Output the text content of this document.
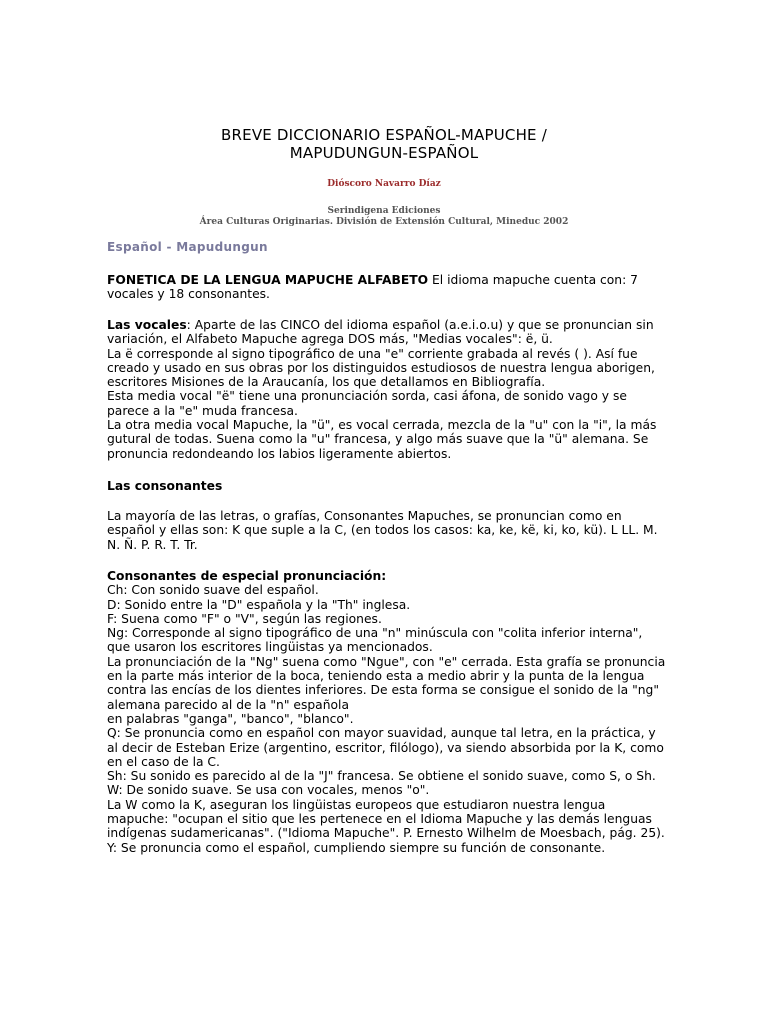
BREVE DICCIONARIO ESPAÑOL-MAPUCHE /
MAPUDUNGUN-ESPAÑOL
Dióscoro Navarro Díaz
Serindigena Ediciones
Área Culturas Originarias. División de Extensión Cultural, Mineduc 2002
Español - Mapudungun

FONETICA DE LA LENGUA MAPUCHE ALFABETO El idioma mapuche cuenta con: 7 vocales y 18 consonantes.

Las vocales: Aparte de las CINCO del idioma español (a.e.i.o.u) y que se pronuncian sin variación, el Alfabeto Mapuche agrega DOS más, "Medias vocales": ë, ü.

La ë corresponde al signo tipográfico de una "e" corriente grabada al revés ( ). Así fue creado y usado en sus obras por los distinguidos estudiosos de nuestra lengua aborigen, escritores Misiones de la Araucanía, los que detallamos en Bibliografía.

Esta media vocal "ë" tiene una pronunciación sorda, casi áfona, de sonido vago y se parece a la "e" muda francesa.

La otra media vocal Mapuche, la "ü", es vocal cerrada, mezcla de la "u" con la "i", la más gutural de todas. Suena como la "u" francesa, y algo más suave que la "ü" alemana. Se pronuncia redondeando los labios ligeramente abiertos.

Las consonantes
La mayoría de las letras, o grafías, Consonantes Mapuches, se pronuncian como en español y ellas son: K que suple a la C, (en todos los casos: ka, ke, kë, ki, ko, kü). L LL. M. N. Ñ. P. R. T. Tr.

Consonantes de especial pronunciación:

Ch: Con sonido suave del español.

D: Sonido entre la "D" española y la "Th" inglesa.

F: Suena como "F" o "V", según las regiones.

Ng: Corresponde al signo tipográfico de una "n" minúscula con "colita inferior interna", que usaron los escritores lingüistas ya mencionados.

La pronunciación de la "Ng" suena como "Ngue", con "e" cerrada. Esta grafía se pronuncia en la parte más interior de la boca, teniendo esta a medio abrir y la punta de la lengua contra las encías de los dientes inferiores. De esta forma se consigue el sonido de la "ng" alemana parecido al de la "n" española

en palabras "ganga", "banco", "blanco".

Q: Se pronuncia como en español con mayor suavidad, aunque tal letra, en la práctica, y al decir de Esteban Erize (argentino, escritor, filólogo), va siendo absorbida por la K, como en el caso de la C.

Sh: Su sonido es parecido al de la "J" francesa. Se obtiene el sonido suave, como S, o Sh.

W: De sonido suave. Se usa con vocales, menos "o".

La W como la K, aseguran los lingüistas europeos que estudiaron nuestra lengua mapuche: "ocupan el sitio que les pertenece en el Idioma Mapuche y las demás lenguas indígenas sudamericanas". ("Idioma Mapuche". P. Ernesto Wilhelm de Moesbach, pág. 25).

Y: Se pronuncia como el español, cumpliendo siempre su función de consonante.
